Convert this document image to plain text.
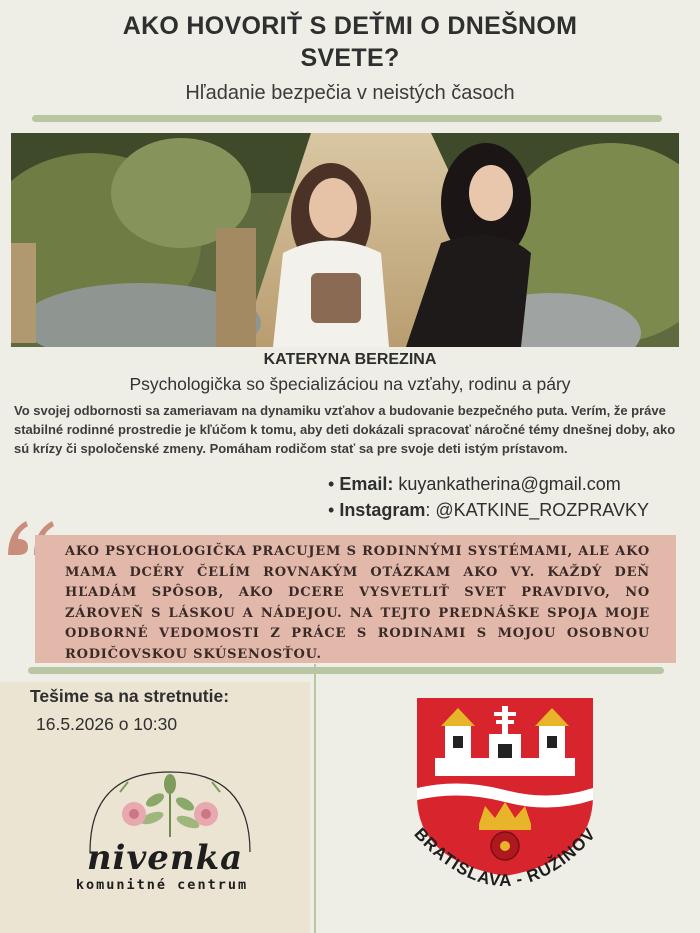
AKO HOVORIŤ S DEŤMI O DNEŠNOM
SVETE?
Hľadanie bezpečia v neistých časoch
KATERYNA BEREZINA
Psychologička so špecializáciou na vzťahy, rodinu a páry
Vo svojej odbornosti sa zameriavam na dynamiku vzťahov a budovanie bezpečného puta. Verím, že práve stabilné rodinné prostredie je kľúčom k tomu, aby deti dokázali spracovať náročné témy dnešnej doby, ako sú krízy či spoločenské zmeny. Pomáham rodičom stať sa pre svoje deti istým prístavom.
• Email: kuyankatherina@gmail.com
• Instagram: @KATKINE_ROZPRAVKY
AKO PSYCHOLOGIČKA PRACUJEM S RODINNÝMI SYSTÉMAMI, ALE AKO MAMA DCÉRY ČELÍM ROVNAKÝM OTÁZKAM AKO VY. KAŽDÝ DEŇ HĽADÁM SPÔSOB, AKO DCERE VYSVETLIŤ SVET PRAVDIVO, NO ZÁROVEŇ S LÁSKOU A NÁDEJOU. NA TEJTO PREDNÁŠKE SPOJA MOJE ODBORNÉ VEDOMOSTI Z PRÁCE S RODINAMI S MOJOU OSOBNOU RODIČOVSKOU SKÚSENOSŤOU.
Tešime sa na stretnutie:
16.5.2026 o 10:30
nivenka
komunitné centrum
BRATISLAVA - RUŽINOV
